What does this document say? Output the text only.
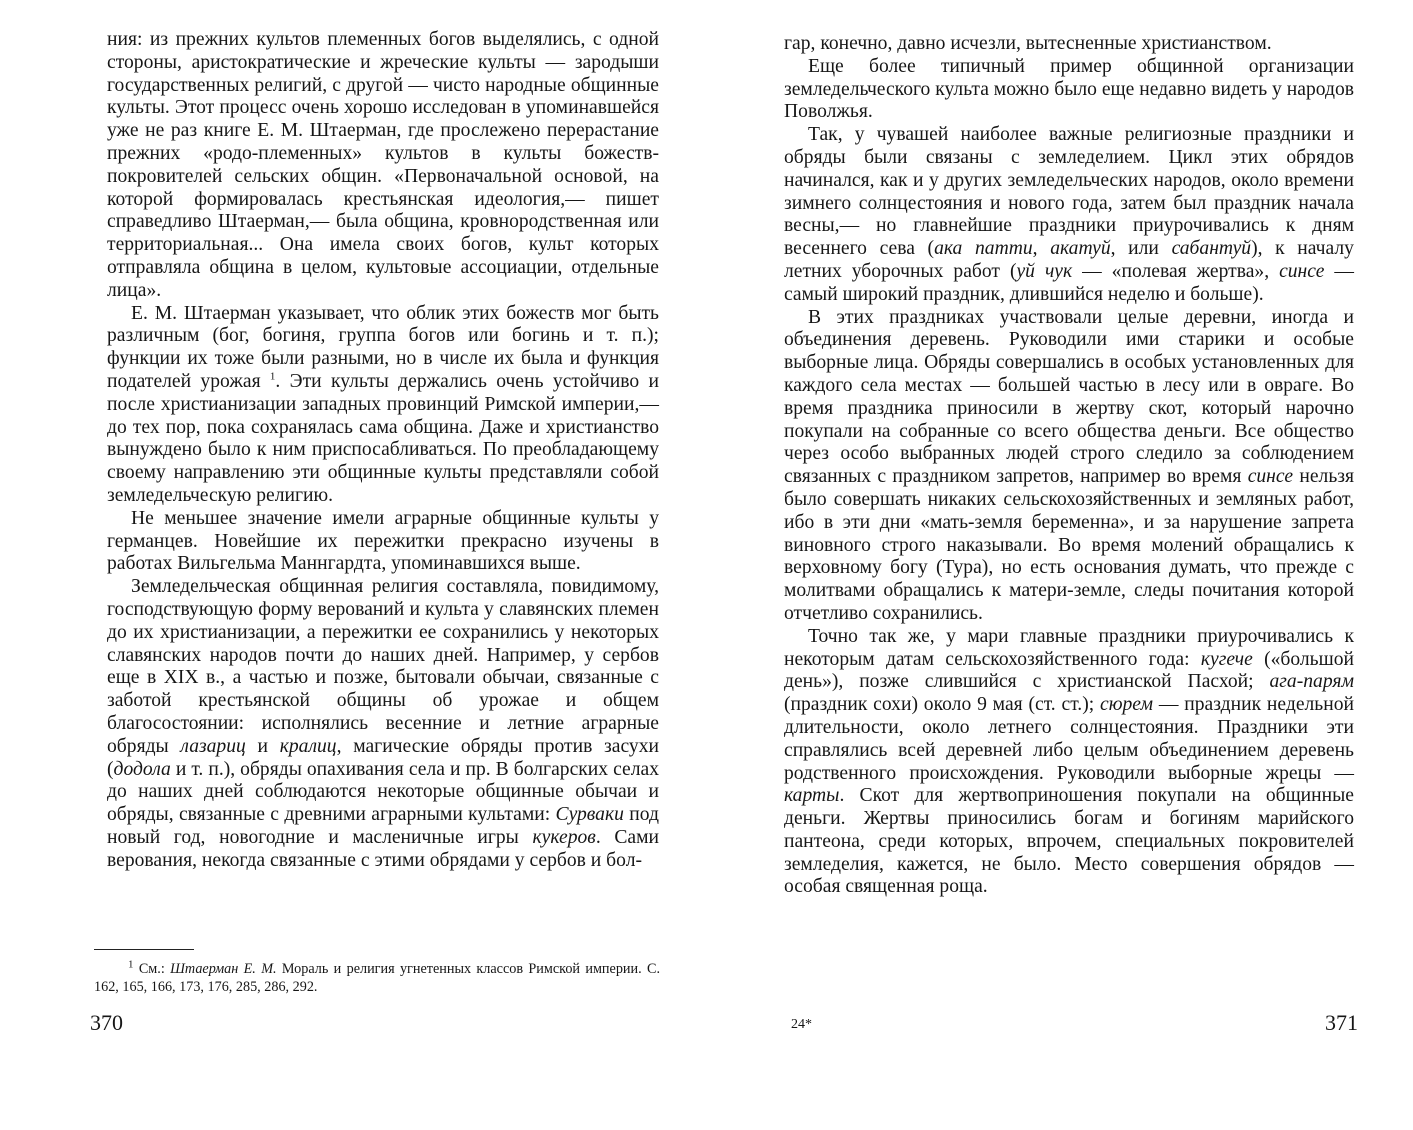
ния: из прежних культов племенных богов выделялись, с одной стороны, аристократические и жреческие культы — зародыши государственных религий, с другой — чисто народные общинные культы. Этот процесс очень хорошо исследован в упоминавшейся уже не раз книге Е. М. Штаерман, где прослежено перерастание прежних «родо-племенных» культов в культы божеств-покровителей сельских общин. «Первоначальной основой, на которой формировалась крестьянская идеология,— пишет справедливо Штаерман,— была община, кровнородственная или территориальная... Она имела своих богов, культ которых отправляла община в целом, культовые ассоциации, отдельные лица».

Е. М. Штаерман указывает, что облик этих божеств мог быть различным (бог, богиня, группа богов или богинь и т. п.); функции их тоже были разными, но в числе их была и функция подателей урожая $^1$. Эти культы держались очень устойчиво и после христианизации западных провинций Римской империи,— до тех пор, пока сохранялась сама община. Даже и христианство вынуждено было к ним приспосабливаться. По преобладающему своему направлению эти общинные культы представляли собой земледельческую религию.

Не меньшее значение имели аграрные общинные культы у германцев. Новейшие их пережитки прекрасно изучены в работах Вильгельма Маннгардта, упоминавшихся выше.

Земледельческая общинная религия составляла, повидимому, господствующую форму верований и культа у славянских племен до их христианизации, а пережитки ее сохранились у некоторых славянских народов почти до наших дней. Например, у сербов еще в XIX в., а частью и позже, бытовали обычаи, связанные с заботой крестьянской общины об урожае и общем благосостоянии: исполнялись весенние и летние аграрные обряды лазариц и кралиц, магические обряды против засухи (додола и т. п.), обряды опахивания села и пр. В болгарских селах до наших дней соблюдаются некоторые общинные обычаи и обряды, связанные с древними аграрными культами: Сурваки под новый год, новогодние и масленичные игры кукеров. Сами верования, некогда связанные с этими обрядами у сербов и бол-

$^1$ См.: Штаерман Е. М. Мораль и религия угнетенных классов Римской империи. С. 162, 165, 166, 173, 176, 285, 286, 292.
370

гар, конечно, давно исчезли, вытесненные христианством.

Еще более типичный пример общинной организации земледельческого культа можно было еще недавно видеть у народов Поволжья.

Так, у чувашей наиболее важные религиозные праздники и обряды были связаны с земледелием. Цикл этих обрядов начинался, как и у других земледельческих народов, около времени зимнего солнцестояния и нового года, затем был праздник начала весны,— но главнейшие праздники приурочивались к дням весеннего сева (ака патти, акатуй, или сабантуй), к началу летних уборочных работ (уй чук — «полевая жертва», синсе — самый широкий праздник, длившийся неделю и больше).

В этих праздниках участвовали целые деревни, иногда и объединения деревень. Руководили ими старики и особые выборные лица. Обряды совершались в особых установленных для каждого села местах — большей частью в лесу или в овраге. Во время праздника приносили в жертву скот, который нарочно покупали на собранные со всего общества деньги. Все общество через особо выбранных людей строго следило за соблюдением связанных с праздником запретов, например во время синсе нельзя было совершать никаких сельскохозяйственных и земляных работ, ибо в эти дни «мать-земля беременна», и за нарушение запрета виновного строго наказывали. Во время молений обращались к верховному богу (Тура), но есть основания думать, что прежде с молитвами обращались к матери-земле, следы почитания которой отчетливо сохранились.

Точно так же, у мари главные праздники приурочивались к некоторым датам сельскохозяйственного года: кугече («большой день»), позже слившийся с христианской Пасхой; ага-парям (праздник сохи) около 9 мая (ст. ст.); сюрем — праздник недельной длительности, около летнего солнцестояния. Праздники эти справлялись всей деревней либо целым объединением деревень родственного происхождения. Руководили выборные жрецы — карты. Скот для жертвоприношения покупали на общинные деньги. Жертвы приносились богам и богиням марийского пантеона, среди которых, впрочем, специальных покровителей земледелия, кажется, не было. Место совершения обрядов — особая священная роща.

24*	371
